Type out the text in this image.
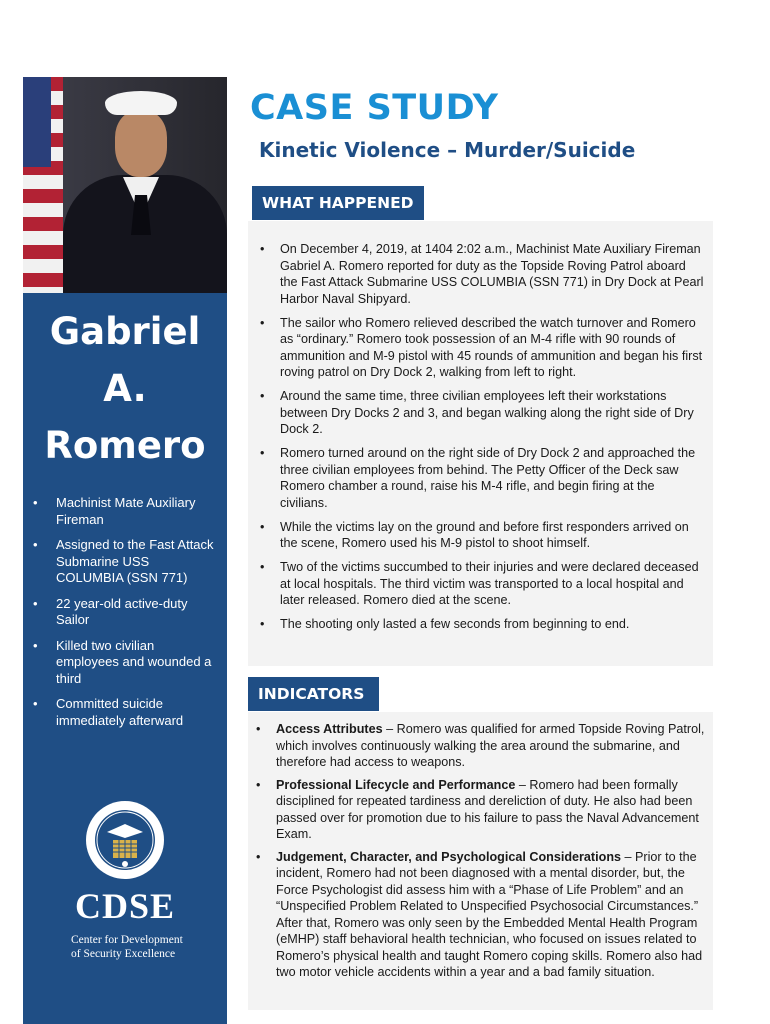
Gabriel
A.
Romero
• Machinist Mate Auxiliary Fireman
• Assigned to the Fast Attack Submarine USS COLUMBIA (SSN 771)
• 22 year-old active-duty Sailor
• Killed two civilian employees and wounded a third
• Committed suicide immediately afterward
CDSE
Center for Development
of Security Excellence
CASE STUDY
Kinetic Violence – Murder/Suicide
WHAT HAPPENED
• On December 4, 2019, at 1404 2:02 a.m., Machinist Mate Auxiliary Fireman Gabriel A. Romero reported for duty as the Topside Roving Patrol aboard the Fast Attack Submarine USS COLUMBIA (SSN 771) in Dry Dock at Pearl Harbor Naval Shipyard.
• The sailor who Romero relieved described the watch turnover and Romero as “ordinary.” Romero took possession of an M-4 rifle with 90 rounds of ammunition and M-9 pistol with 45 rounds of ammunition and began his first roving patrol on Dry Dock 2, walking from left to right.
• Around the same time, three civilian employees left their workstations between Dry Docks 2 and 3, and began walking along the right side of Dry Dock 2.
• Romero turned around on the right side of Dry Dock 2 and approached the three civilian employees from behind. The Petty Officer of the Deck saw Romero chamber a round, raise his M-4 rifle, and begin firing at the civilians.
• While the victims lay on the ground and before first responders arrived on the scene, Romero used his M-9 pistol to shoot himself.
• Two of the victims succumbed to their injuries and were declared deceased at local hospitals. The third victim was transported to a local hospital and later released. Romero died at the scene.
• The shooting only lasted a few seconds from beginning to end.
INDICATORS
• Access Attributes – Romero was qualified for armed Topside Roving Patrol, which involves continuously walking the area around the submarine, and therefore had access to weapons.
• Professional Lifecycle and Performance – Romero had been formally disciplined for repeated tardiness and dereliction of duty. He also had been passed over for promotion due to his failure to pass the Naval Advancement Exam.
• Judgement, Character, and Psychological Considerations – Prior to the incident, Romero had not been diagnosed with a mental disorder, but, the Force Psychologist did assess him with a “Phase of Life Problem” and an “Unspecified Problem Related to Unspecified Psychosocial Circumstances.” After that, Romero was only seen by the Embedded Mental Health Program (eMHP) staff behavioral health technician, who focused on issues related to Romero’s physical health and taught Romero coping skills. Romero also had two motor vehicle accidents within a year and a bad family situation.
